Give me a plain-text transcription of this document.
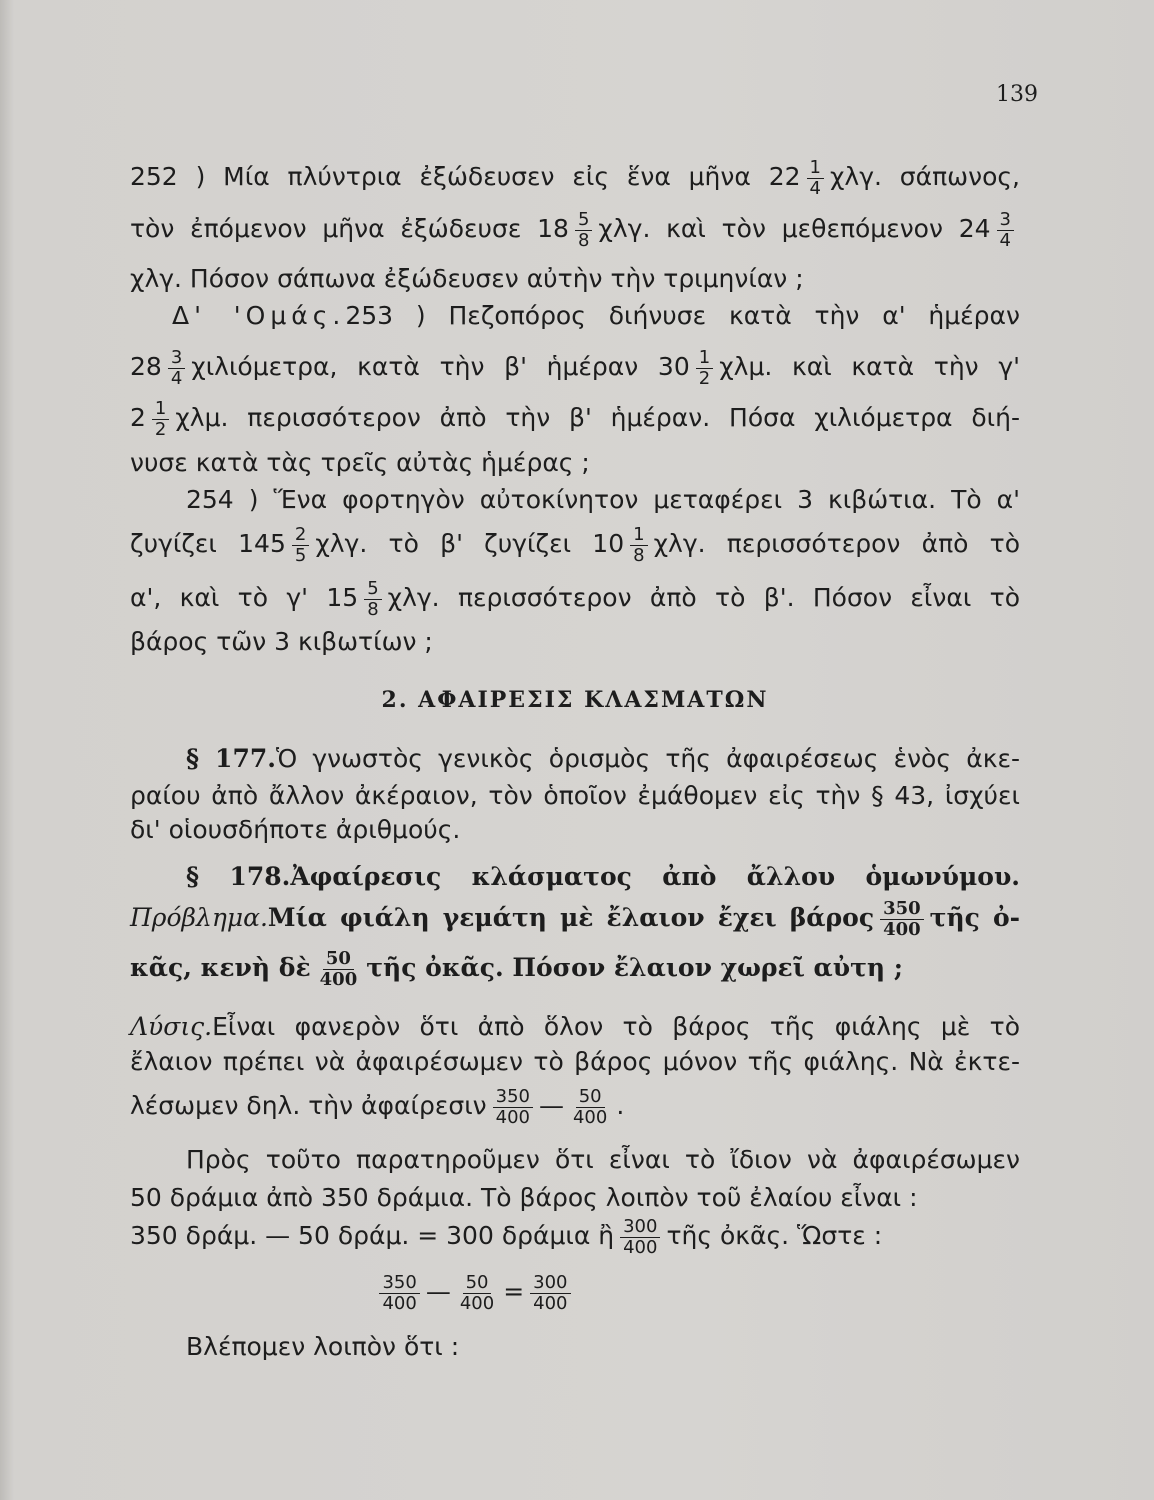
139
252 ) Μία πλύντρια ἐξώδευσεν εἰς ἕνα μῆνα $22 \frac{1}{4} \chi\lambda\gamma$. σάπωνος,
τὸν ἐπόμενον μῆνα ἐξώδευσε $18 \frac{5}{8} \chi\lambda\gamma$. καὶ τὸν μεθεπόμενον $24 \frac{3}{4}$
χλγ. Πόσον σάπωνα ἐξώδευσεν αὐτὴν τὴν τριμηνίαν ;
Δ' 'Ομάς.253 ) Πεζοπόρος διήνυσε κατὰ τὴν α' ἡμέραν
$28 \frac{3}{4} \chi\iota\lambda\iota ό\mu\varepsilon\tau\rho\alpha$, κατὰ τὴν β' ἡμέραν $30 \frac{1}{2} \chi\lambda\mu$. καὶ κατὰ τὴν γ'
$2 \frac{1}{2} \chi\lambda\mu$. περισσότερον ἀπὸ τὴν β' ἡμέραν. Πόσα χιλιόμετρα διή-
νυσε κατὰ τὰς τρεῖς αὐτὰς ἡμέρας ;
254 ) Ἕνα φορτηγὸν αὐτοκίνητον μεταφέρει 3 κιβώτια. Τὸ α'
ζυγίζει $145 \frac{2}{5} \chi\lambda\gamma$. τὸ β' ζυγίζει $10 \frac{1}{8} \chi\lambda\gamma$. περισσότερον ἀπὸ τὸ
α', καὶ τὸ γ' $15 \frac{5}{8} \chi\lambda\gamma$. περισσότερον ἀπὸ τὸ β'. Πόσον εἶναι τὸ
βάρος τῶν 3 κιβωτίων ;
2. ΑΦΑΙΡΕΣΙΣ ΚΛΑΣΜΑΤΩΝ
§ 177.Ὁ γνωστὸς γενικὸς ὁρισμὸς τῆς ἀφαιρέσεως ἑνὸς ἀκε-
ραίου ἀπὸ ἄλλον ἀκέραιον, τὸν ὁποῖον ἐμάθομεν εἰς τὴν § 43, ἰσχύει
δι' οἱουσδήποτε ἀριθμούς.
§ 178.Ἀφαίρεσις κλάσματος ἀπὸ ἄλλου ὁμωνύμου.
Πρόβλημα.Μία φιάλη γεμάτη μὲ ἔλαιον ἔχει βάρος $\frac{350}{400}$ τῆς ὀ-
κᾶς, κενὴ δὲ $\frac{50}{400}$ τῆς ὀκᾶς. Πόσον ἔλαιον χωρεῖ αὐτη ;
Λύσις.Εἶναι φανερὸν ὅτι ἀπὸ ὅλον τὸ βάρος τῆς φιάλης μὲ τὸ
ἔλαιον πρέπει νὰ ἀφαιρέσωμεν τὸ βάρος μόνον τῆς φιάλης. Νὰ ἐκτε-
λέσωμεν δηλ. τὴν ἀφαίρεσιν $\frac{350}{400}$ — $\frac{50}{400}$ .
Πρὸς τοῦτο παρατηροῦμεν ὅτι εἶναι τὸ ἴδιον νὰ ἀφαιρέσωμεν
50 δράμια ἀπὸ 350 δράμια. Τὸ βάρος λοιπὸν τοῦ ἐλαίου εἶναι :
350 δράμ. — 50 δράμ. = 300 δράμια ἢ $\frac{300}{400}$ τῆς ὀκᾶς. Ὥστε :
$\frac{350}{400}$ — $\frac{50}{400} = \frac{300}{400}$
Βλέπομεν λοιπὸν ὅτι :
